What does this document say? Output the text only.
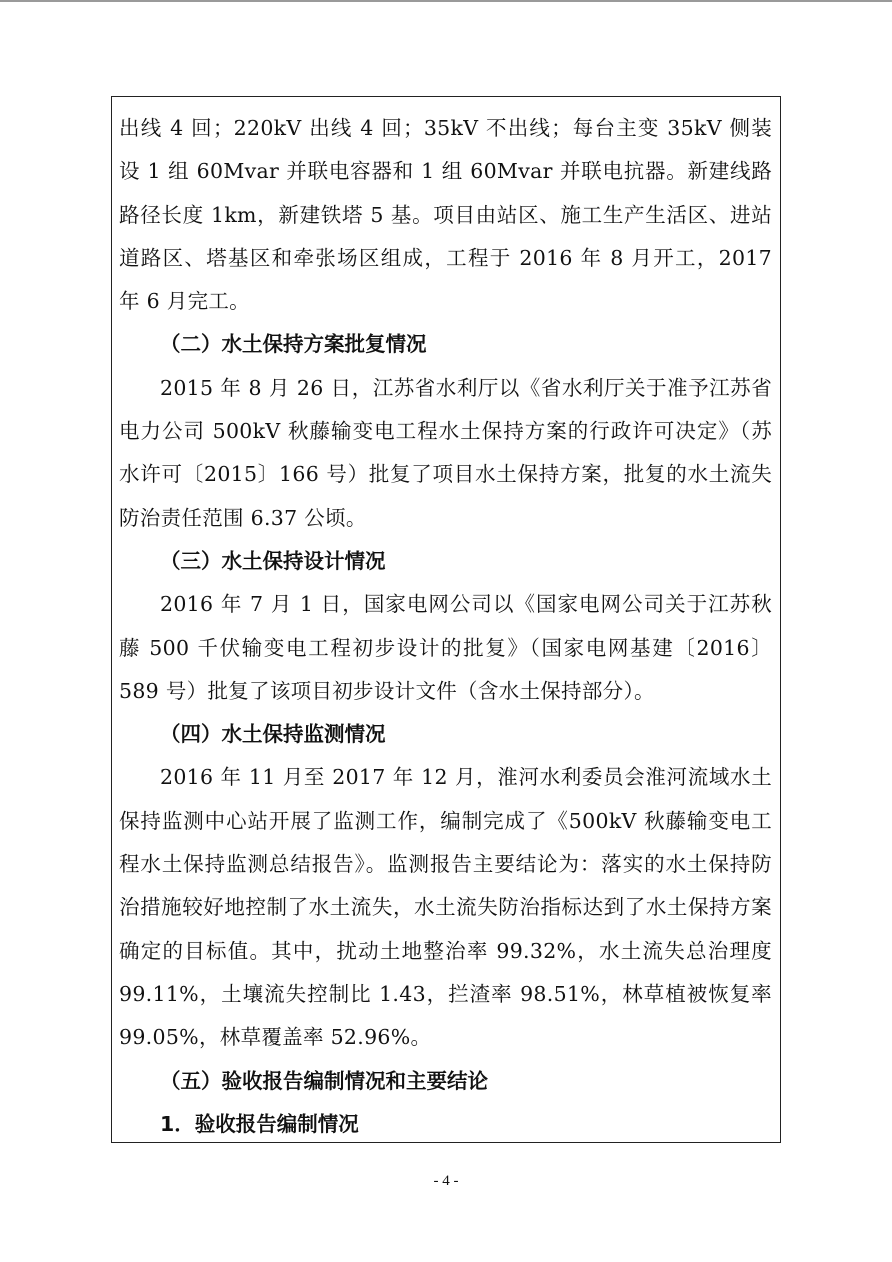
出线 4 回；220kV 出线 4 回；35kV 不出线；每台主变 35kV 侧装设 1 组 60Mvar 并联电容器和 1 组 60Mvar 并联电抗器。新建线路路径长度 1km，新建铁塔 5 基。项目由站区、施工生产生活区、进站道路区、塔基区和牵张场区组成，工程于 2016 年 8 月开工，2017 年 6 月完工。

（二）水土保持方案批复情况

2015 年 8 月 26 日，江苏省水利厅以《省水利厅关于准予江苏省电力公司 500kV 秋藤输变电工程水土保持方案的行政许可决定》（苏水许可〔2015〕166 号）批复了项目水土保持方案，批复的水土流失防治责任范围 6.37 公顷。

（三）水土保持设计情况

2016 年 7 月 1 日，国家电网公司以《国家电网公司关于江苏秋藤 500 千伏输变电工程初步设计的批复》（国家电网基建〔2016〕589 号）批复了该项目初步设计文件（含水土保持部分）。

（四）水土保持监测情况

2016 年 11 月至 2017 年 12 月，淮河水利委员会淮河流域水土保持监测中心站开展了监测工作，编制完成了《500kV 秋藤输变电工程水土保持监测总结报告》。监测报告主要结论为：落实的水土保持防治措施较好地控制了水土流失，水土流失防治指标达到了水土保持方案确定的目标值。其中，扰动土地整治率 99.32%，水土流失总治理度 99.11%，土壤流失控制比 1.43，拦渣率 98.51%，林草植被恢复率 99.05%，林草覆盖率 52.96%。

（五）验收报告编制情况和主要结论

1．验收报告编制情况

- 4 -
